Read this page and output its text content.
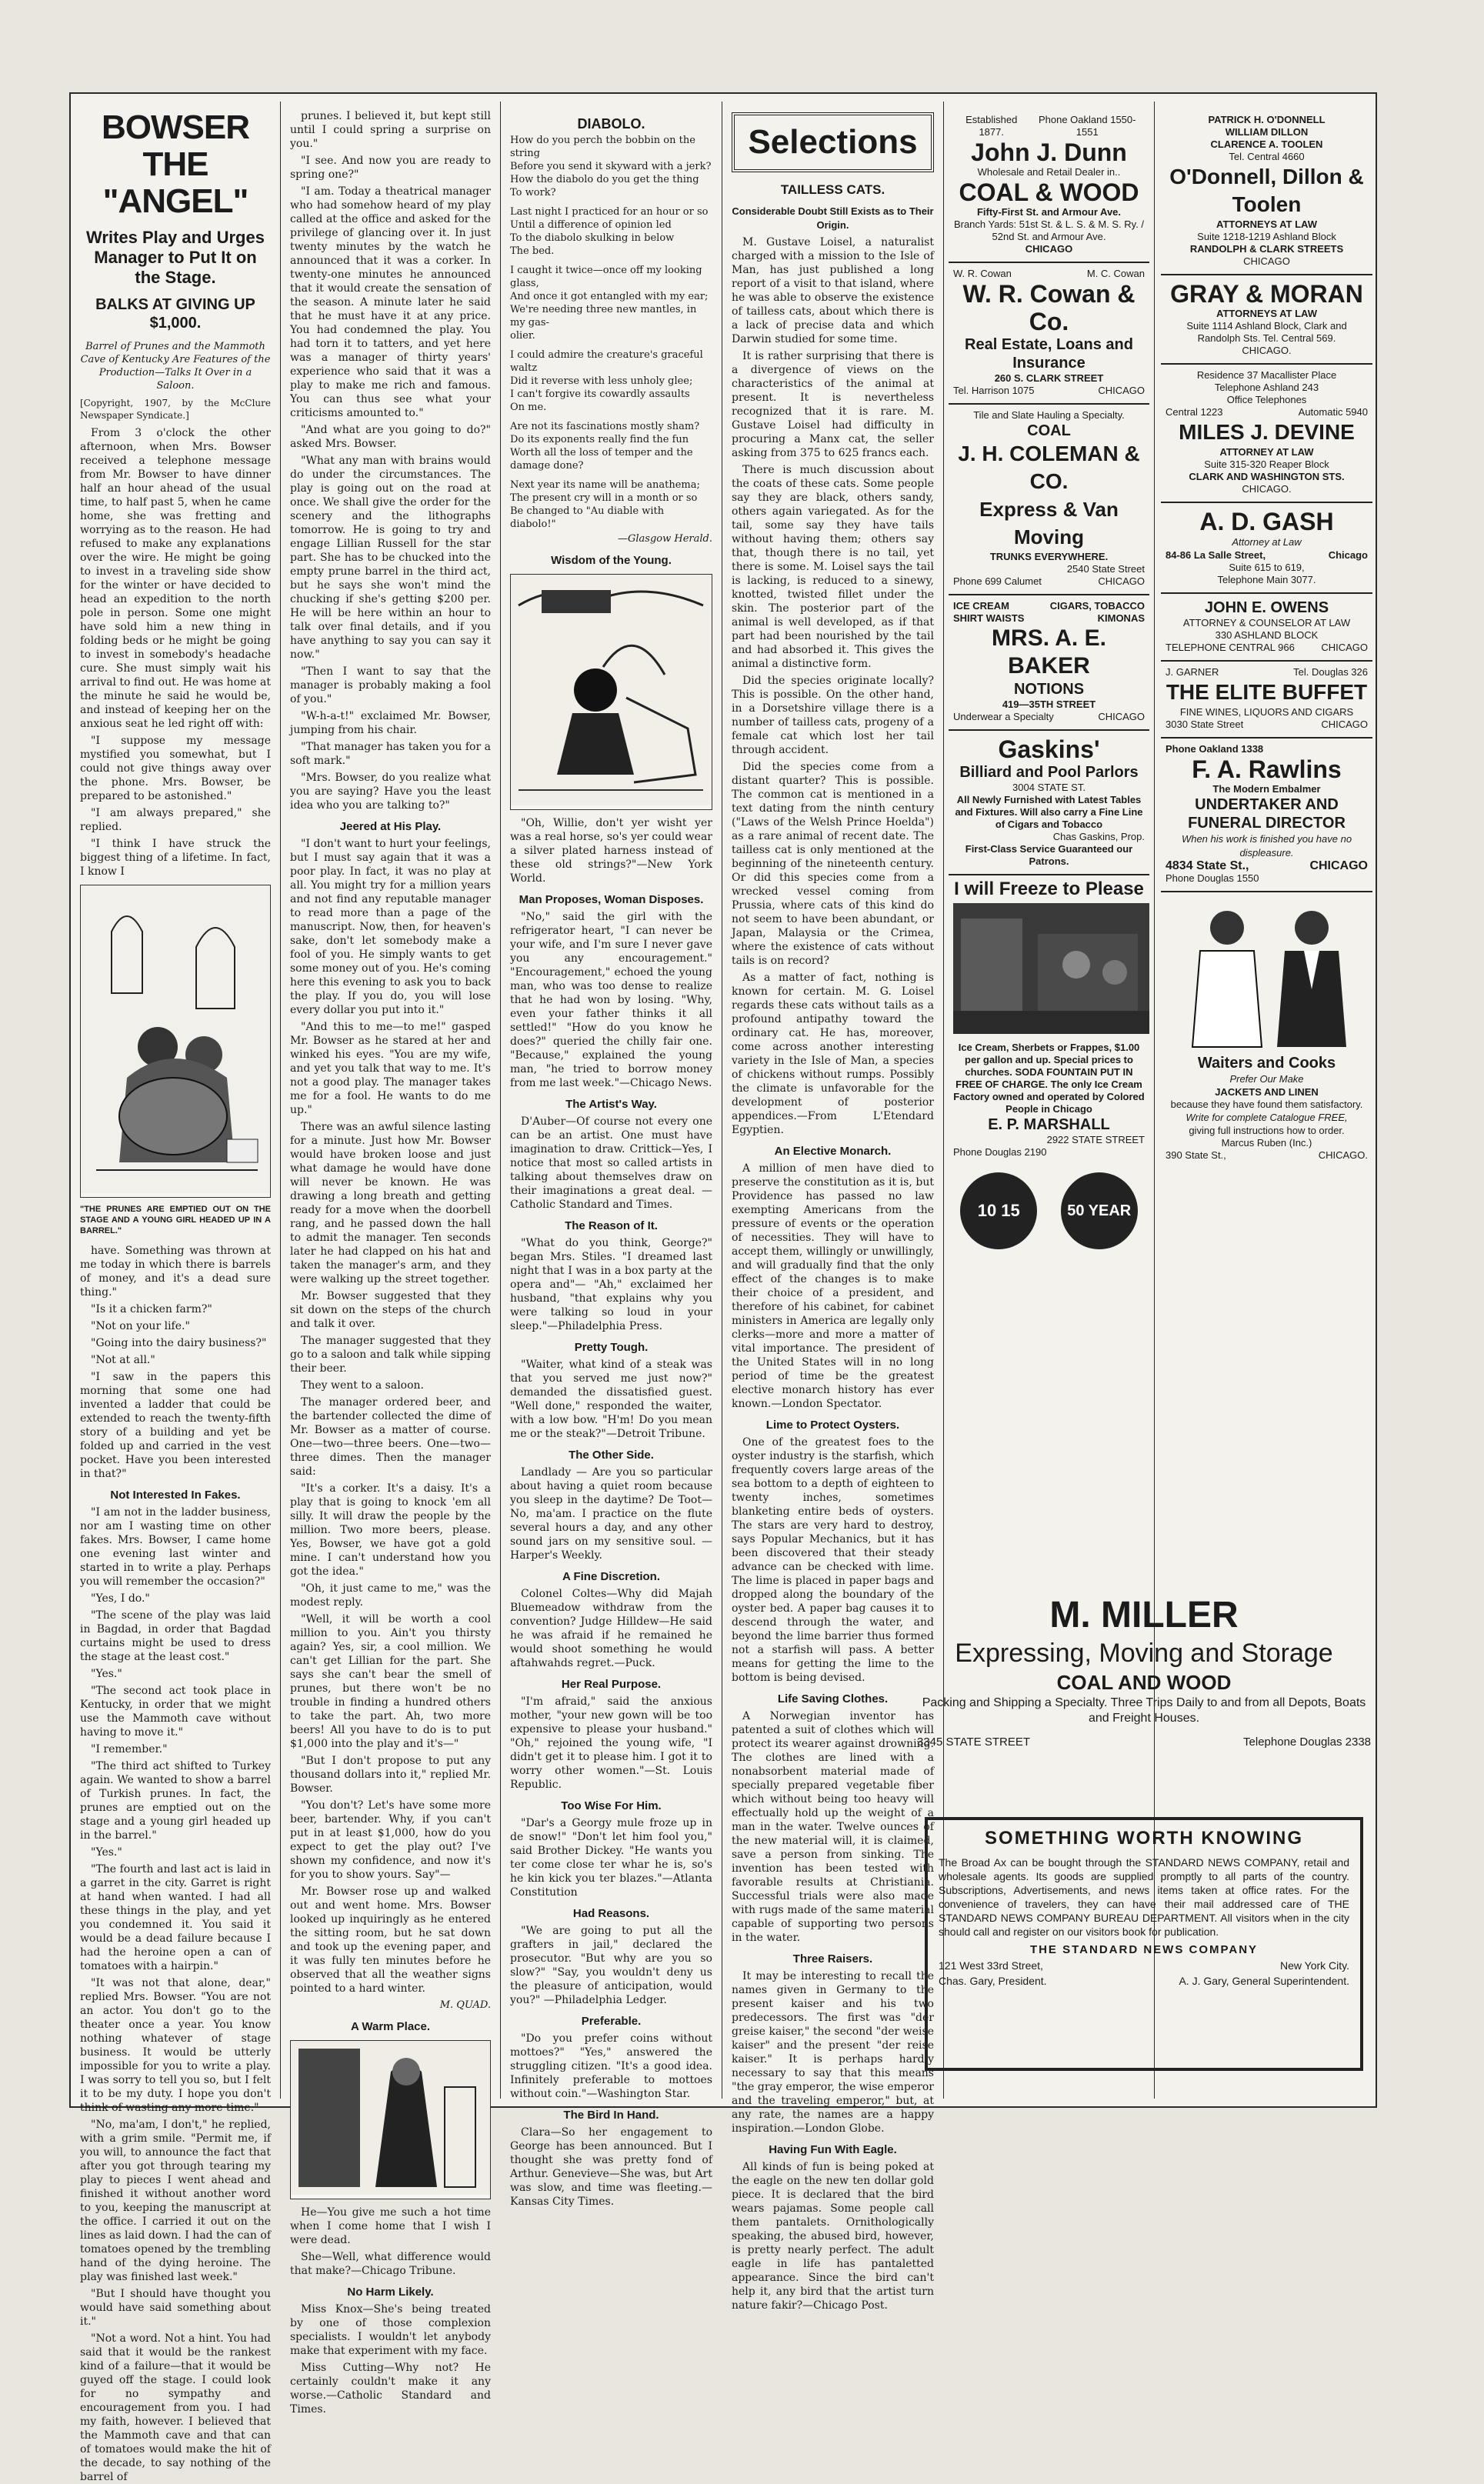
BOWSER THE "ANGEL"
Writes Play and Urges Manager to Put It on the Stage.
BALKS AT GIVING UP $1,000.
Barrel of Prunes and the Mammoth Cave of Kentucky Are Features of the Production—Talks It Over in a Saloon.
[Copyright, 1907, by the McClure Newspaper Syndicate.]

From 3 o'clock the other afternoon, when Mrs. Bowser received a telephone message from Mr. Bowser to have dinner half an hour ahead of the usual time, to half past 5, when he came home, she was fretting and worrying as to the reason. He had refused to make any explanations over the wire. He might be going to invest in a traveling side show for the winter or have decided to head an expedition to the north pole in person. Some one might have sold him a new thing in folding beds or he might be going to invest in somebody's headache cure. She must simply wait his arrival to find out. He was home at the minute he said he would be, and instead of keeping her on the anxious seat he led right off with:

"I suppose my message mystified you somewhat, but I could not give things away over the phone. Mrs. Bowser, be prepared to be astonished."

"I am always prepared," she replied.

"I think I have struck the biggest thing of a lifetime. In fact, I know I

"THE PRUNES ARE EMPTIED OUT ON THE STAGE AND A YOUNG GIRL HEADED UP IN A BARREL."

have. Something was thrown at me today in which there is barrels of money, and it's a dead sure thing."

"Is it a chicken farm?"

"Not on your life."

"Going into the dairy business?"

"Not at all."

"I saw in the papers this morning that some one had invented a ladder that could be extended to reach the twenty-fifth story of a building and yet be folded up and carried in the vest pocket. Have you been interested in that?"

Not Interested In Fakes.

"I am not in the ladder business, nor am I wasting time on other fakes. Mrs. Bowser, I came home one evening last winter and started in to write a play. Perhaps you will remember the occasion?"

"Yes, I do."

"The scene of the play was laid in Bagdad, in order that Bagdad curtains might be used to dress the stage at the least cost."

"Yes."

"The second act took place in Kentucky, in order that we might use the Mammoth cave without having to move it."

"I remember."

"The third act shifted to Turkey again. We wanted to show a barrel of Turkish prunes. In fact, the prunes are emptied out on the stage and a young girl headed up in the barrel."

"Yes."

"The fourth and last act is laid in a garret in the city. Garret is right at hand when wanted. I had all these things in the play, and yet you condemned it. You said it would be a dead failure because I had the heroine open a can of tomatoes with a hairpin."

"It was not that alone, dear," replied Mrs. Bowser. "You are not an actor. You don't go to the theater once a year. You know nothing whatever of stage business. It would be utterly impossible for you to write a play. I was sorry to tell you so, but I felt it to be my duty. I hope you don't think of wasting any more time."

"No, ma'am, I don't," he replied, with a grim smile. "Permit me, if you will, to announce the fact that after you got through tearing my play to pieces I went ahead and finished it without another word to you, keeping the manuscript at the office. I carried it out on the lines as laid down. I had the can of tomatoes opened by the trembling hand of the dying heroine. The play was finished last week."

"But I should have thought you would have said something about it."

"Not a word. Not a hint. You had said that it would be the rankest kind of a failure—that it would be guyed off the stage. I could look for no sympathy and encouragement from you. I had my faith, however. I believed that the Mammoth cave and that can of tomatoes would make the hit of the decade, to say nothing of the barrel of

prunes. I believed it, but kept still until I could spring a surprise on you."

"I see. And now you are ready to spring one?"

"I am. Today a theatrical manager who had somehow heard of my play called at the office and asked for the privilege of glancing over it. In just twenty minutes by the watch he announced that it was a corker. In twenty-one minutes he announced that it would create the sensation of the season. A minute later he said that he must have it at any price. You had condemned the play. You had torn it to tatters, and yet here was a manager of thirty years' experience who said that it was a play to make me rich and famous. You can thus see what your criticisms amounted to."

"And what are you going to do?" asked Mrs. Bowser.

"What any man with brains would do under the circumstances. The play is going out on the road at once. We shall give the order for the scenery and the lithographs tomorrow. He is going to try and engage Lillian Russell for the star part. She has to be chucked into the empty prune barrel in the third act, but he says she won't mind the chucking if she's getting $200 per. He will be here within an hour to talk over final details, and if you have anything to say you can say it now."

"Then I want to say that the manager is probably making a fool of you."

"W-h-a-t!" exclaimed Mr. Bowser, jumping from his chair.

"That manager has taken you for a soft mark."

"Mrs. Bowser, do you realize what you are saying? Have you the least idea who you are talking to?"

Jeered at His Play.

"I don't want to hurt your feelings, but I must say again that it was a poor play. In fact, it was no play at all. You might try for a million years and not find any reputable manager to read more than a page of the manuscript. Now, then, for heaven's sake, don't let somebody make a fool of you. He simply wants to get some money out of you. He's coming here this evening to ask you to back the play. If you do, you will lose every dollar you put into it."

"And this to me—to me!" gasped Mr. Bowser as he stared at her and winked his eyes. "You are my wife, and yet you talk that way to me. It's not a good play. The manager takes me for a fool. He wants to do me up."

There was an awful silence lasting for a minute. Just how Mr. Bowser would have broken loose and just what damage he would have done will never be known. He was drawing a long breath and getting ready for a move when the doorbell rang, and he passed down the hall to admit the manager. Ten seconds later he had clapped on his hat and taken the manager's arm, and they were walking up the street together.

Mr. Bowser suggested that they sit down on the steps of the church and talk it over.

The manager suggested that they go to a saloon and talk while sipping their beer.

They went to a saloon.

The manager ordered beer, and the bartender collected the dime of Mr. Bowser as a matter of course. One—two—three beers. One—two—three dimes. Then the manager said:

"It's a corker. It's a daisy. It's a play that is going to knock 'em all silly. It will draw the people by the million. Two more beers, please. Yes, Bowser, we have got a gold mine. I can't understand how you got the idea."

"Oh, it just came to me," was the modest reply.

"Well, it will be worth a cool million to you. Ain't you thirsty again? Yes, sir, a cool million. We can't get Lillian for the part. She says she can't bear the smell of prunes, but there won't be no trouble in finding a hundred others to take the part. Ah, two more beers! All you have to do is to put $1,000 into the play and it's—"

"But I don't propose to put any thousand dollars into it," replied Mr. Bowser.

"You don't? Let's have some more beer, bartender. Why, if you can't put in at least $1,000, how do you expect to get the play out? I've shown my confidence, and now it's for you to show yours. Say"—

Mr. Bowser rose up and walked out and went home. Mrs. Bowser looked up inquiringly as he entered the sitting room, but he sat down and took up the evening paper, and it was fully ten minutes before he observed that all the weather signs pointed to a hard winter.

M. QUAD.
A Warm Place.

He—You give me such a hot time when I come home that I wish I were dead.

She—Well, what difference would that make?—Chicago Tribune.

No Harm Likely.

Miss Knox—She's being treated by one of those complexion specialists. I wouldn't let anybody make that experiment with my face.

Miss Cutting—Why not? He certainly couldn't make it any worse.—Catholic Standard and Times.

DIABOLO.
How do you perch the bobbin on the string
Before you send it skyward with a jerk?
How the diabolo do you get the thing
To work?
Last night I practiced for an hour or so
Until a difference of opinion led
To the diabolo skulking in below
The bed.
I caught it twice—once off my looking glass,
And once it got entangled with my ear;
We're needing three new mantles, in my gas-
olier.
I could admire the creature's graceful waltz
Did it reverse with less unholy glee;
I can't forgive its cowardly assaults
On me.
Are not its fascinations mostly sham?
Do its exponents really find the fun
Worth all the loss of temper and the damage done?
Next year its name will be anathema;
The present cry will in a month or so
Be changed to "Au diable with diabolo!"
—Glasgow Herald.
Wisdom of the Young.

"Oh, Willie, don't yer wisht yer was a real horse, so's yer could wear a silver plated harness instead of these old strings?"—New York World.

Man Proposes, Woman Disposes.

"No," said the girl with the refrigerator heart, "I can never be your wife, and I'm sure I never gave you any encouragement." "Encouragement," echoed the young man, who was too dense to realize that he had won by losing. "Why, even your father thinks it all settled!" "How do you know he does?" queried the chilly fair one. "Because," explained the young man, "he tried to borrow money from me last week."—Chicago News.

The Artist's Way.

D'Auber—Of course not every one can be an artist. One must have imagination to draw. Crittick—Yes, I notice that most so called artists in talking about themselves draw on their imaginations a great deal. — Catholic Standard and Times.

The Reason of It.

"What do you think, George?" began Mrs. Stiles. "I dreamed last night that I was in a box party at the opera and"— "Ah," exclaimed her husband, "that explains why you were talking so loud in your sleep."—Philadelphia Press.

Pretty Tough.

"Waiter, what kind of a steak was that you served me just now?" demanded the dissatisfied guest. "Well done," responded the waiter, with a low bow. "H'm! Do you mean me or the steak?"—Detroit Tribune.

The Other Side.

Landlady — Are you so particular about having a quiet room because you sleep in the daytime? De Toot—No, ma'am. I practice on the flute several hours a day, and any other sound jars on my sensitive soul. —Harper's Weekly.

A Fine Discretion.

Colonel Coltes—Why did Majah Bluemeadow withdraw from the convention? Judge Hilldew—He said he was afraid if he remained he would shoot something he would aftahwahds regret.—Puck.

Her Real Purpose.

"I'm afraid," said the anxious mother, "your new gown will be too expensive to please your husband." "Oh," rejoined the young wife, "I didn't get it to please him. I got it to worry other women."—St. Louis Republic.

Too Wise For Him.

"Dar's a Georgy mule froze up in de snow!" "Don't let him fool you," said Brother Dickey. "He wants you ter come close ter whar he is, so's he kin kick you ter blazes."—Atlanta Constitution

Had Reasons.

"We are going to put all the grafters in jail," declared the prosecutor. "But why are you so slow?" "Say, you wouldn't deny us the pleasure of anticipation, would you?" —Philadelphia Ledger.

Preferable.

"Do you prefer coins without mottoes?" "Yes," answered the struggling citizen. "It's a good idea. Infinitely preferable to mottoes without coin."—Washington Star.

The Bird In Hand.

Clara—So her engagement to George has been announced. But I thought she was pretty fond of Arthur. Genevieve—She was, but Art was slow, and time was fleeting.—Kansas City Times.

Selections
TAILLESS CATS.
Considerable Doubt Still Exists as to Their Origin.

M. Gustave Loisel, a naturalist charged with a mission to the Isle of Man, has just published a long report of a visit to that island, where he was able to observe the existence of tailless cats, about which there is a lack of precise data and which Darwin studied for some time.

It is rather surprising that there is a divergence of views on the characteristics of the animal at present. It is nevertheless recognized that it is rare. M. Gustave Loisel had difficulty in procuring a Manx cat, the seller asking from 375 to 625 francs each.

There is much discussion about the coats of these cats. Some people say they are black, others sandy, others again variegated. As for the tail, some say they have tails without having them; others say that, though there is no tail, yet there is some. M. Loisel says the tail is lacking, is reduced to a sinewy, knotted, twisted fillet under the skin. The posterior part of the animal is well developed, as if that part had been nourished by the tail and had absorbed it. This gives the animal a distinctive form.

Did the species originate locally? This is possible. On the other hand, in a Dorsetshire village there is a number of tailless cats, progeny of a female cat which lost her tail through accident.

Did the species come from a distant quarter? This is possible. The common cat is mentioned in a text dating from the ninth century ("Laws of the Welsh Prince Hoelda") as a rare animal of recent date. The tailless cat is only mentioned at the beginning of the nineteenth century. Or did this species come from a wrecked vessel coming from Prussia, where cats of this kind do not seem to have been abundant, or Japan, Malaysia or the Crimea, where the existence of cats without tails is on record?

As a matter of fact, nothing is known for certain. M. G. Loisel regards these cats without tails as a profound antipathy toward the ordinary cat. He has, moreover, come across another interesting variety in the Isle of Man, a species of chickens without rumps. Possibly the climate is unfavorable for the development of posterior appendices.—From L'Etendard Egyptien.

An Elective Monarch.

A million of men have died to preserve the constitution as it is, but Providence has passed no law exempting Americans from the pressure of events or the operation of necessities. They will have to accept them, willingly or unwillingly, and will gradually find that the only effect of the changes is to make their choice of a president, and therefore of his cabinet, for cabinet ministers in America are legally only clerks—more and more a matter of vital importance. The president of the United States will in no long period of time be the greatest elective monarch history has ever known.—London Spectator.

Lime to Protect Oysters.

One of the greatest foes to the oyster industry is the starfish, which frequently covers large areas of the sea bottom to a depth of eighteen to twenty inches, sometimes blanketing entire beds of oysters. The stars are very hard to destroy, says Popular Mechanics, but it has been discovered that their steady advance can be checked with lime. The lime is placed in paper bags and dropped along the boundary of the oyster bed. A paper bag causes it to descend through the water, and beyond the lime barrier thus formed not a starfish will pass. A better means for getting the lime to the bottom is being devised.

Life Saving Clothes.

A Norwegian inventor has patented a suit of clothes which will protect its wearer against drowning. The clothes are lined with a nonabsorbent material made of specially prepared vegetable fiber which without being too heavy will effectually hold up the weight of a man in the water. Twelve ounces of the new material will, it is claimed, save a person from sinking. The invention has been tested with favorable results at Christiania. Successful trials were also made with rugs made of the same material capable of supporting two persons in the water.

Three Raisers.

It may be interesting to recall the names given in Germany to the present kaiser and his two predecessors. The first was "der greise kaiser," the second "der weise kaiser" and the present "der reise kaiser." It is perhaps hardly necessary to say that this means "the gray emperor, the wise emperor and the traveling emperor," but, at any rate, the names are a happy inspiration.—London Globe.

Having Fun With Eagle.

All kinds of fun is being poked at the eagle on the new ten dollar gold piece. It is declared that the bird wears pajamas. Some people call them pantalets. Ornithologically speaking, the abused bird, however, is pretty nearly perfect. The adult eagle in life has pantaletted appearance. Since the bird can't help it, any bird that the artist turn nature fakir?—Chicago Post.

Established 1877.
Phone Oakland 1550-1551
John J. Dunn
Wholesale and Retail Dealer in..
COAL & WOOD
Fifty-First St. and Armour Ave.
Branch Yards: 51st St. & L. S. & M. S. Ry. / 52nd St. and Armour Ave.
CHICAGO
W. R. Cowan	M. C. Cowan
W. R. Cowan & Co.
Real Estate, Loans and
Insurance
260 S. CLARK STREET
Tel. Harrison 1075	CHICAGO
Tile and Slate Hauling a Specialty.
COAL
J. H. COLEMAN & CO.
Express & Van Moving
TRUNKS EVERYWHERE.
2540 State Street
Phone 699 Calumet	CHICAGO
ICE CREAM	CIGARS, TOBACCO
SHIRT WAISTS	KIMONAS
MRS. A. E. BAKER
NOTIONS
419—35TH STREET
Underwear a Specialty	CHICAGO
Gaskins'
Billiard and Pool Parlors
3004 STATE ST.
All Newly Furnished with Latest Tables and Fixtures. Will also carry a Fine Line of Cigars and Tobacco
Chas Gaskins, Prop.
First-Class Service Guaranteed our Patrons.
I will Freeze to Please
Ice Cream, Sherbets or Frappes, $1.00 per gallon and up. Special prices to churches. SODA FOUNTAIN PUT IN FREE OF CHARGE. The only Ice Cream Factory owned and operated by Colored People in Chicago
E. P. MARSHALL
2922 STATE STREET
Phone Douglas 2190
10 15	50 YEAR
PATRICK H. O'DONNELL
WILLIAM DILLON
CLARENCE A. TOOLEN
Tel. Central 4660
O'Donnell, Dillon & Toolen
ATTORNEYS AT LAW
Suite 1218-1219 Ashland Block
RANDOLPH & CLARK STREETS
CHICAGO
GRAY & MORAN
ATTORNEYS AT LAW
Suite 1114 Ashland Block, Clark and Randolph Sts. Tel. Central 569.
CHICAGO.
Residence 37 Macallister Place
Telephone Ashland 243
Office Telephones
Central 1223	Automatic 5940
MILES J. DEVINE
ATTORNEY AT LAW
Suite 315-320 Reaper Block
CLARK AND WASHINGTON STS.
CHICAGO.
A. D. GASH
Attorney at Law
84-86 La Salle Street,	Chicago
Suite 615 to 619,
Telephone Main 3077.
JOHN E. OWENS
ATTORNEY & COUNSELOR AT LAW
330 ASHLAND BLOCK
TELEPHONE CENTRAL 966	CHICAGO
J. GARNER	Tel. Douglas 326
THE ELITE BUFFET
FINE WINES, LIQUORS AND CIGARS
3030 State Street	CHICAGO
Phone Oakland 1338
F. A. Rawlins
The Modern Embalmer
UNDERTAKER AND
FUNERAL DIRECTOR
When his work is finished you have no displeasure.
4834 State St.,	CHICAGO
Phone Douglas 1550
Waiters and Cooks
Prefer Our Make
JACKETS AND LINEN
because they have found them satisfactory.
Write for complete Catalogue FREE,
giving full instructions how to order.
Marcus Ruben (Inc.)
390 State St.,	CHICAGO.
M. MILLER
Expressing, Moving and Storage
COAL AND WOOD
Packing and Shipping a Specialty. Three Trips Daily to and from all Depots, Boats and Freight Houses.
3345 STATE STREET	Telephone Douglas 2338
SOMETHING WORTH KNOWING
The Broad Ax can be bought through the STANDARD NEWS COMPANY, retail and wholesale agents. Its goods are supplied promptly to all parts of the country. Subscriptions, Advertisements, and news items taken at office rates. For the convenience of travelers, they can have their mail addressed care of THE STANDARD NEWS COMPANY BUREAU DEPARTMENT. All visitors when in the city should call and register on our visitors book for publication.
THE STANDARD NEWS COMPANY
121 West 33rd Street,	New York City.
Chas. Gary, President.	A. J. Gary, General Superintendent.
